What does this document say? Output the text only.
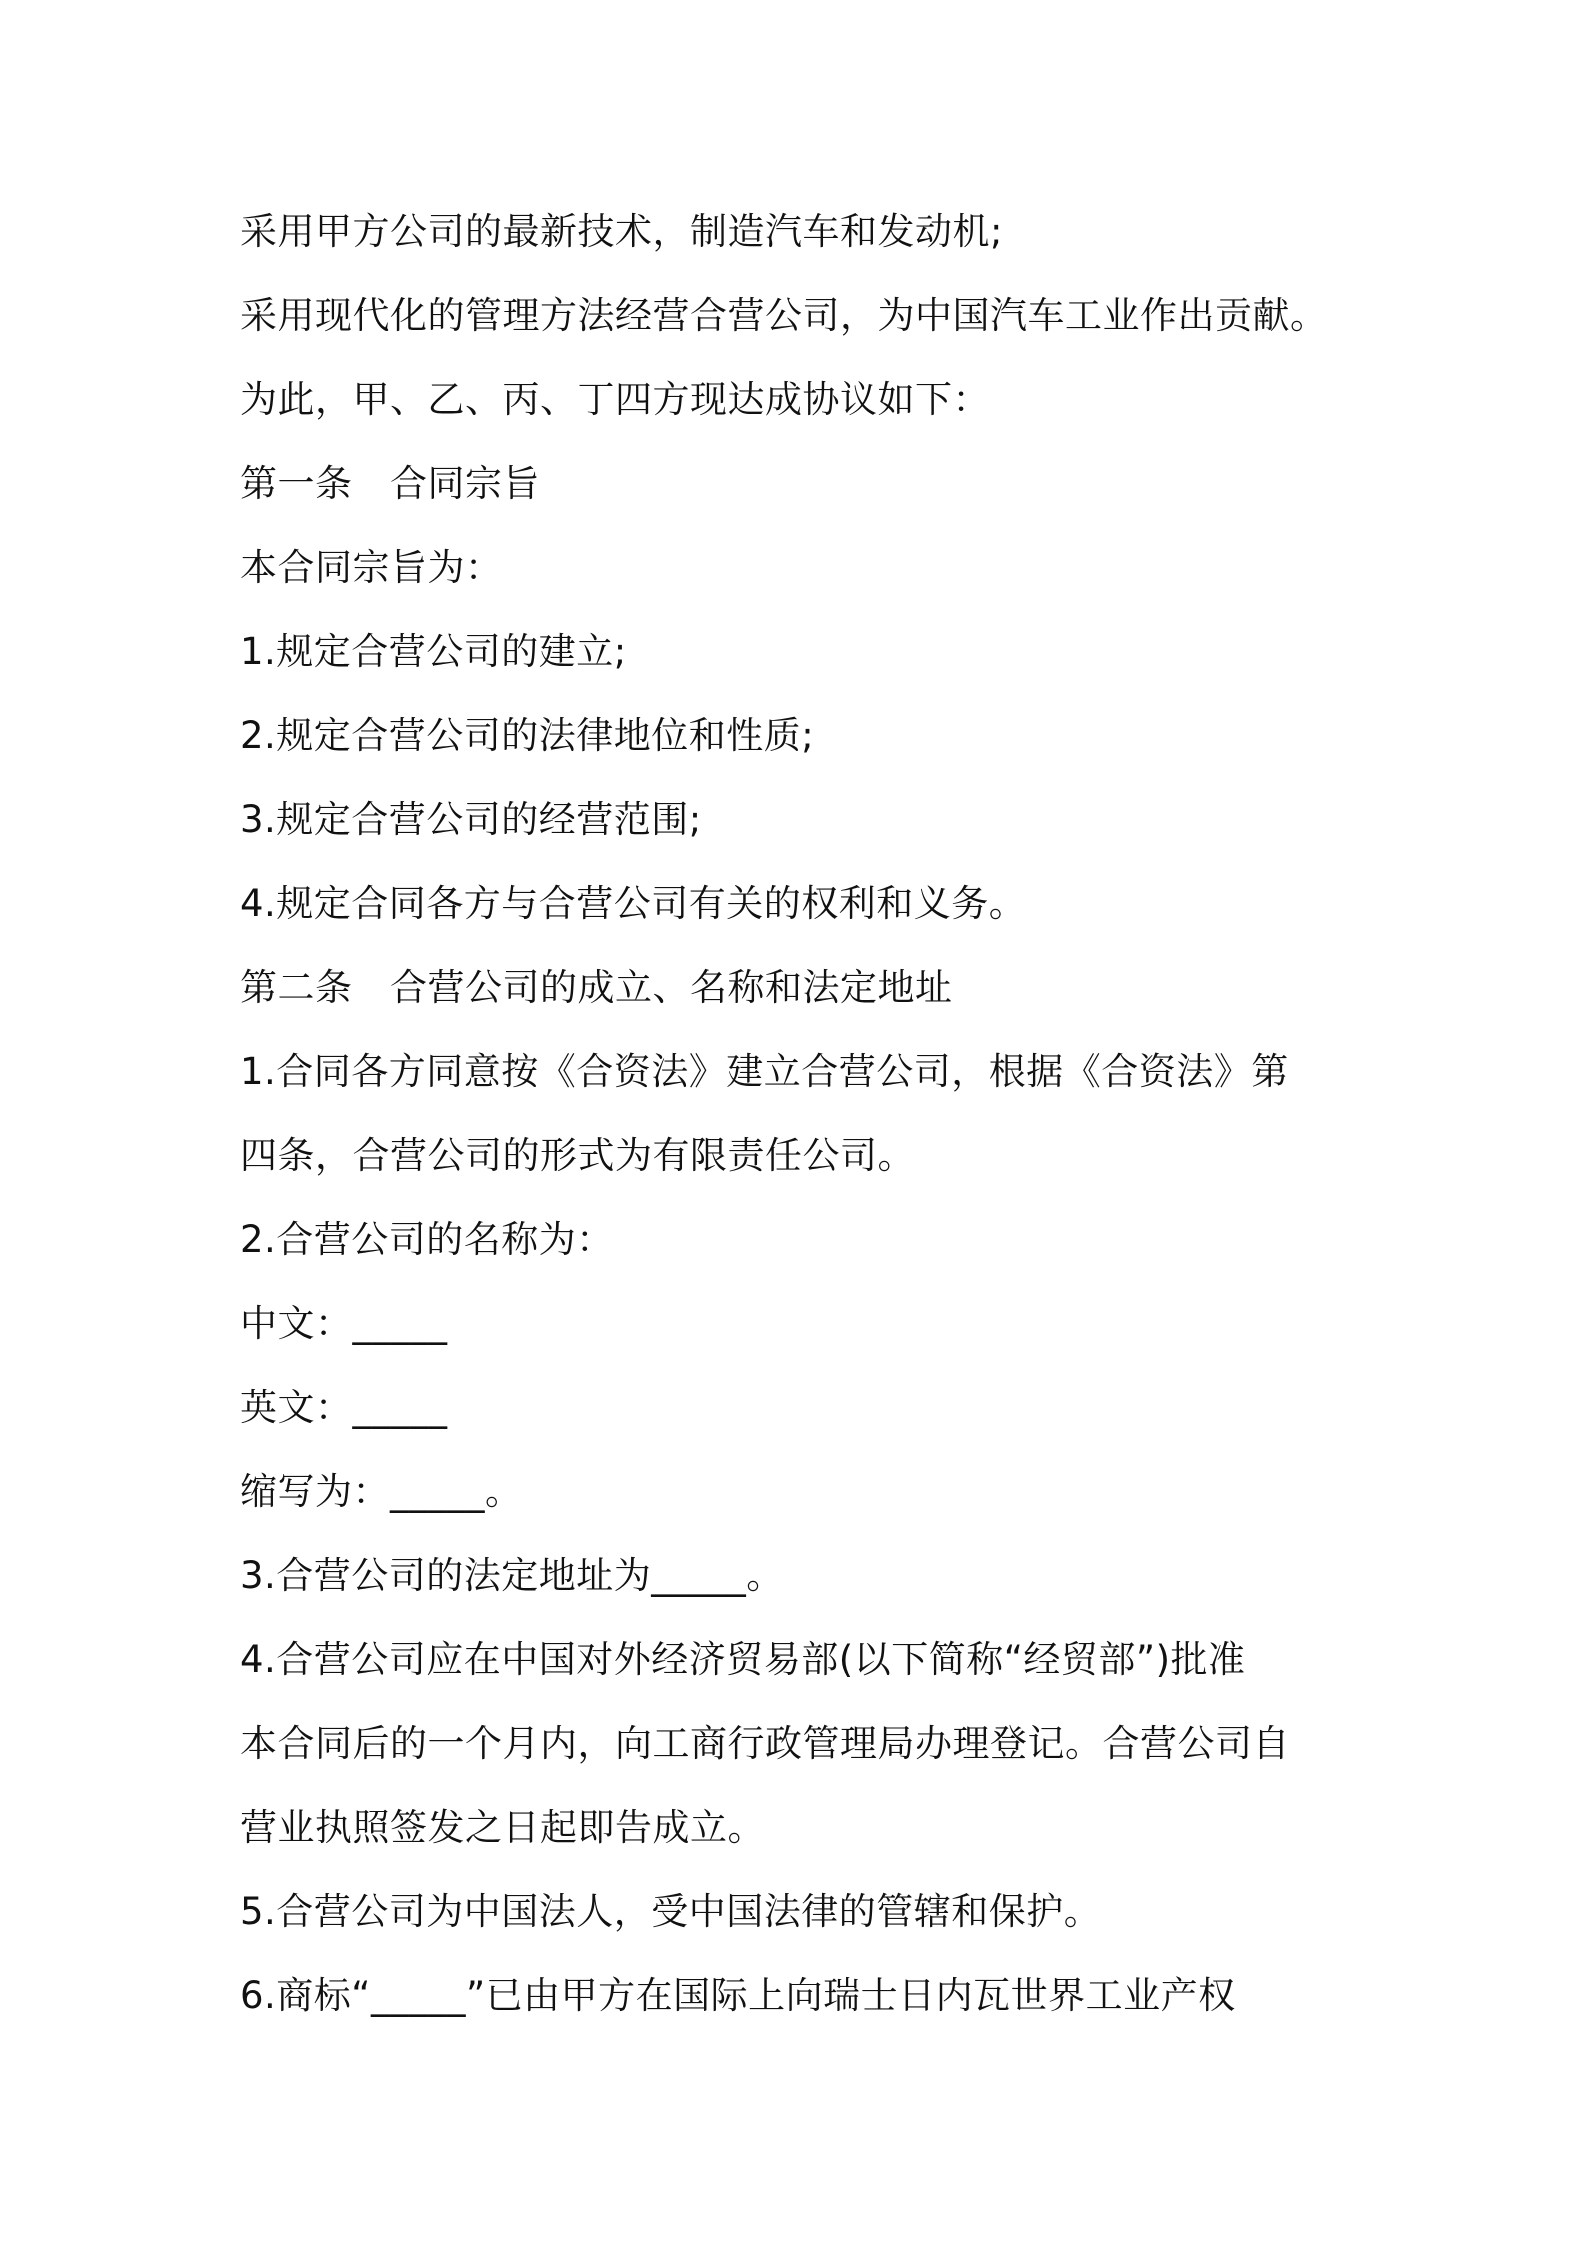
采用甲方公司的最新技术，制造汽车和发动机;
采用现代化的管理方法经营合营公司，为中国汽车工业作出贡献。
为此，甲、乙、丙、丁四方现达成协议如下：
第一条　合同宗旨
本合同宗旨为：
1.规定合营公司的建立;
2.规定合营公司的法律地位和性质;
3.规定合营公司的经营范围;
4.规定合同各方与合营公司有关的权利和义务。
第二条　合营公司的成立、名称和法定地址
1.合同各方同意按《合资法》建立合营公司，根据《合资法》第
四条，合营公司的形式为有限责任公司。
2.合营公司的名称为：
中文：_____
英文：_____
缩写为：_____。
3.合营公司的法定地址为_____。
4.合营公司应在中国对外经济贸易部(以下简称“经贸部”)批准
本合同后的一个月内，向工商行政管理局办理登记。合营公司自
营业执照签发之日起即告成立。
5.合营公司为中国法人，受中国法律的管辖和保护。
6.商标“_____”已由甲方在国际上向瑞士日内瓦世界工业产权
